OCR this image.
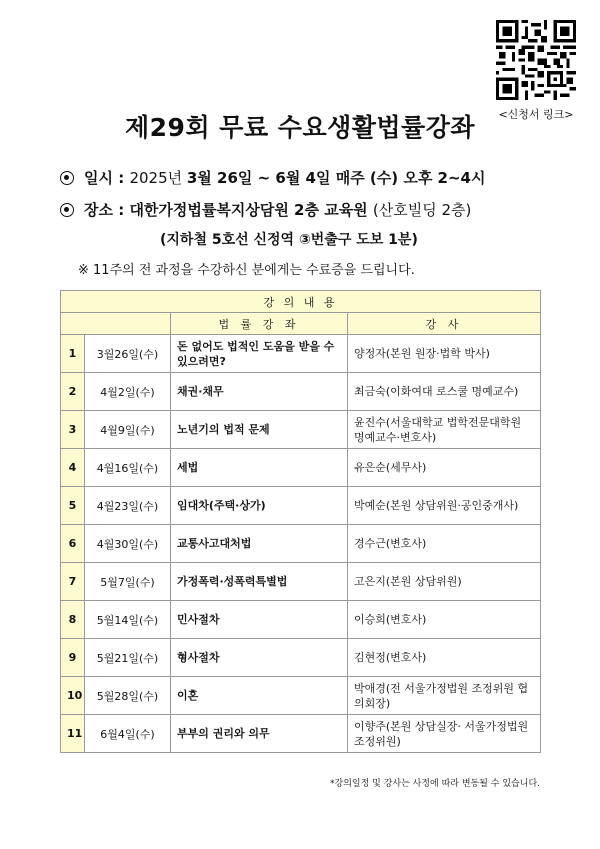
<신청서 링크>
제29회 무료 수요생활법률강좌
일시 : 2025년 3월 26일 ~ 6월 4일 매주 (수) 오후 2~4시
장소 : 대한가정법률복지상담원 2층 교육원 (산호빌딩 2층)
(지하철 5호선 신정역 ③번출구 도보 1분)
※ 11주의 전 과정을 수강하신 분에게는 수료증을 드립니다.
강 의 내 용			
		법 률 강 좌	강 사
1	3월26일(수)	돈 없어도 법적인 도움을 받을 수 있으려면?	양정자(본원 원장·법학 박사)
2	4월2일(수)	채권·채무	최금숙(이화여대 로스쿨 명예교수)
3	4월9일(수)	노년기의 법적 문제	윤진수(서울대학교 법학전문대학원 명예교수·변호사)
4	4월16일(수)	세법	유은순(세무사)
5	4월23일(수)	임대차(주택·상가)	박예순(본원 상담위원·공인중개사)
6	4월30일(수)	교통사고대처법	경수근(변호사)
7	5월7일(수)	가정폭력·성폭력특별법	고은지(본원 상담위원)
8	5월14일(수)	민사절차	이승희(변호사)
9	5월21일(수)	형사절차	김현정(변호사)
10	5월28일(수)	이혼	박애경(전 서울가정법원 조정위원 협의회장)
11	6월4일(수)	부부의 권리와 의무	이향주(본원 상담실장· 서울가정법원 조정위원)
*강의일정 및 강사는 사정에 따라 변동될 수 있습니다.
